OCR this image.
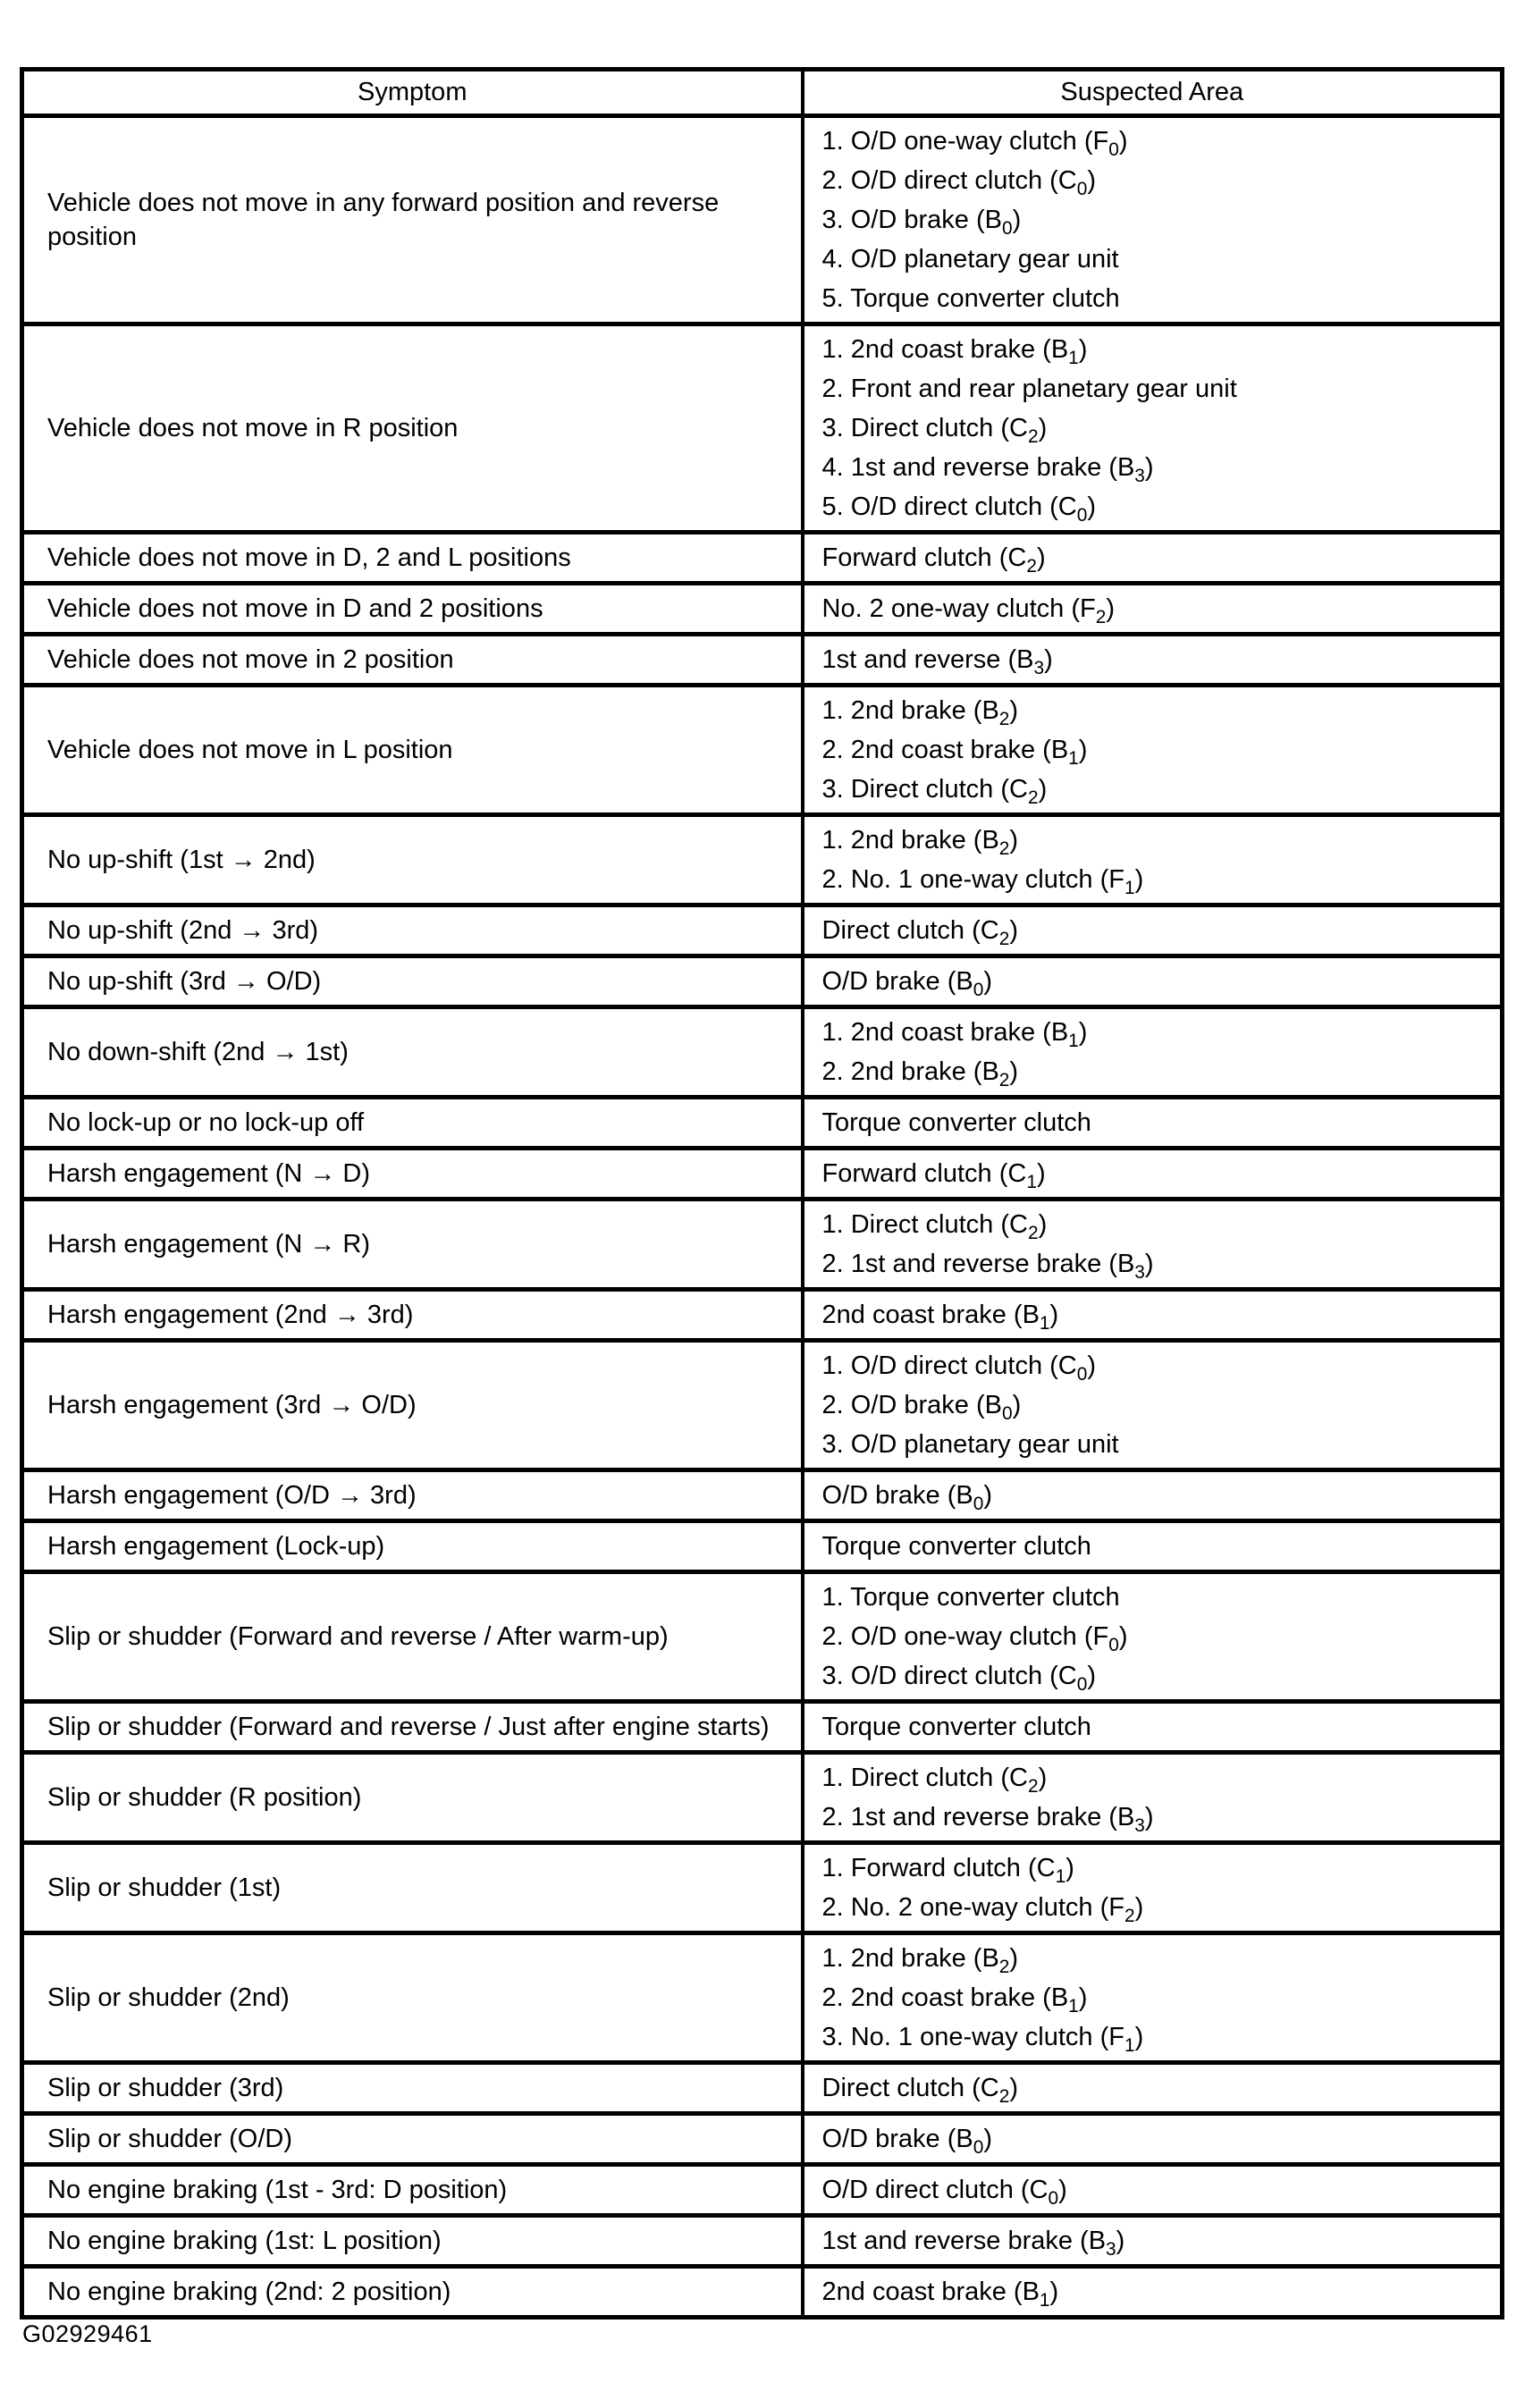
Symptom	Suspected Area
Vehicle does not move in any forward position and reverse position	1. O/D one-way clutch $(F_0)$
2. O/D direct clutch $(C_0)$
3. O/D brake $(B_0)$
4. O/D planetary gear unit
5. Torque converter clutch

Vehicle does not move in R position	1. 2nd coast brake $(B_1)$
2. Front and rear planetary gear unit
3. Direct clutch $(C_2)$
4. 1st and reverse brake $(B_3)$
5. O/D direct clutch $(C_0)$

Vehicle does not move in D, 2 and L positions	Forward clutch $(C_2)$

Vehicle does not move in D and 2 positions	No. 2 one-way clutch $(F_2)$

Vehicle does not move in 2 position	1st and reverse $(B_3)$

Vehicle does not move in L position	1. 2nd brake $(B_2)$
2. 2nd coast brake $(B_1)$
3. Direct clutch $(C_2)$

No up-shift (1st → 2nd)	1. 2nd brake $(B_2)$
2. No. 1 one-way clutch $(F_1)$

No up-shift (2nd → 3rd)	Direct clutch $(C_2)$

No up-shift (3rd → O/D)	O/D brake $(B_0)$

No down-shift (2nd → 1st)	1. 2nd coast brake $(B_1)$
2. 2nd brake $(B_2)$

No lock-up or no lock-up off	Torque converter clutch

Harsh engagement (N → D)	Forward clutch $(C_1)$

Harsh engagement (N → R)	1. Direct clutch $(C_2)$
2. 1st and reverse brake $(B_3)$

Harsh engagement (2nd → 3rd)	2nd coast brake $(B_1)$

Harsh engagement (3rd → O/D)	1. O/D direct clutch $(C_0)$
2. O/D brake $(B_0)$
3. O/D planetary gear unit

Harsh engagement (O/D → 3rd)	O/D brake $(B_0)$

Harsh engagement (Lock-up)	Torque converter clutch

Slip or shudder (Forward and reverse / After warm-up)	1. Torque converter clutch
2. O/D one-way clutch $(F_0)$
3. O/D direct clutch $(C_0)$

Slip or shudder (Forward and reverse / Just after engine starts)	Torque converter clutch

Slip or shudder (R position)	1. Direct clutch $(C_2)$
2. 1st and reverse brake $(B_3)$

Slip or shudder (1st)	1. Forward clutch $(C_1)$
2. No. 2 one-way clutch $(F_2)$

Slip or shudder (2nd)	1. 2nd brake $(B_2)$
2. 2nd coast brake $(B_1)$
3. No. 1 one-way clutch $(F_1)$

Slip or shudder (3rd)	Direct clutch $(C_2)$

Slip or shudder (O/D)	O/D brake $(B_0)$

No engine braking (1st - 3rd: D position)	O/D direct clutch $(C_0)$

No engine braking (1st: L position)	1st and reverse brake $(B_3)$

No engine braking (2nd: 2 position)	2nd coast brake $(B_1)$
G02929461
